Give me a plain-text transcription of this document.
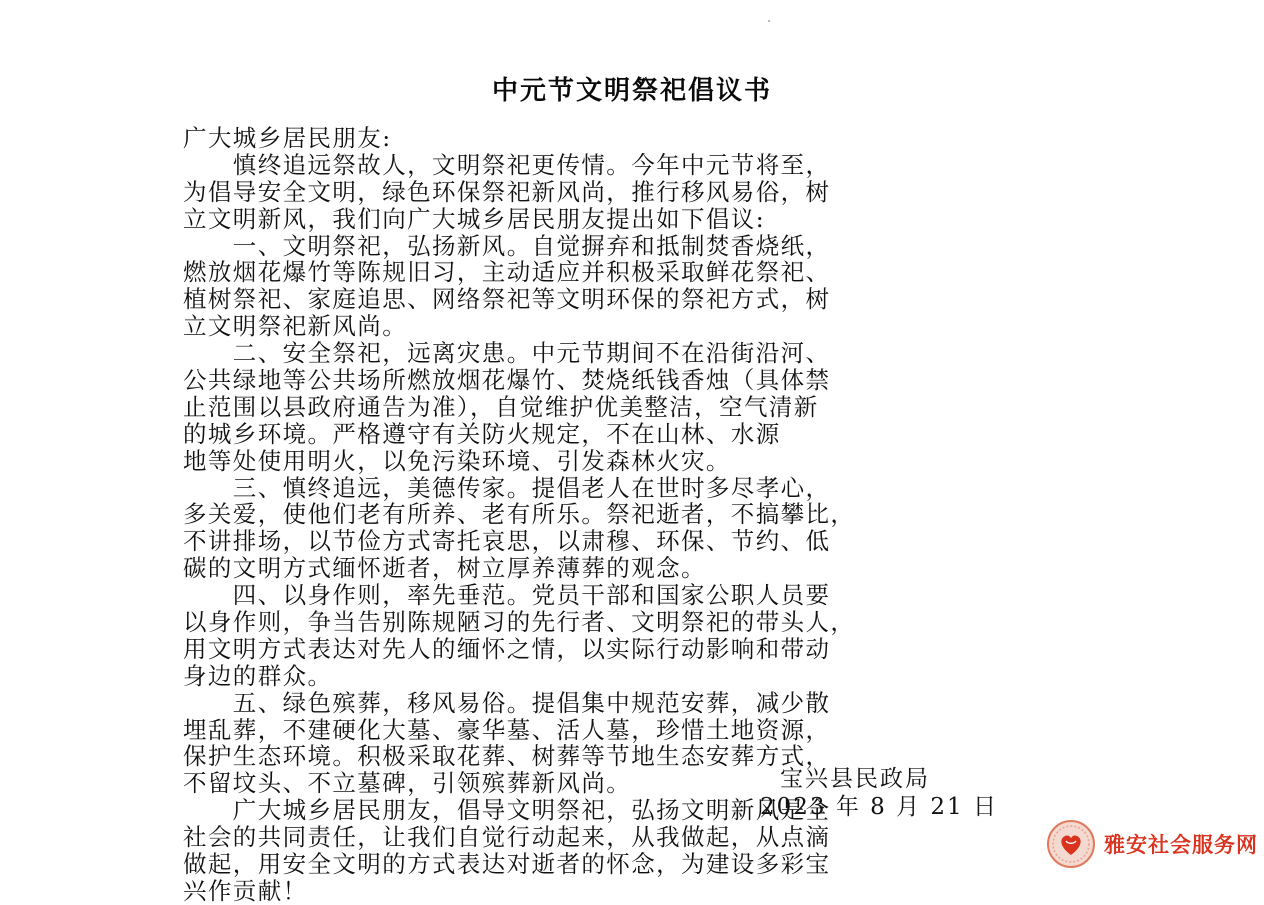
中元节文明祭祀倡议书
广大城乡居民朋友:
　　慎终追远祭故人，文明祭祀更传情。今年中元节将至，
为倡导安全文明，绿色环保祭祀新风尚，推行移风易俗，树
立文明新风，我们向广大城乡居民朋友提出如下倡议:
　　一、文明祭祀，弘扬新风。自觉摒弃和抵制焚香烧纸，
燃放烟花爆竹等陈规旧习，主动适应并积极采取鲜花祭祀、
植树祭祀、家庭追思、网络祭祀等文明环保的祭祀方式，树
立文明祭祀新风尚。
　　二、安全祭祀，远离灾患。中元节期间不在沿街沿河、
公共绿地等公共场所燃放烟花爆竹、焚烧纸钱香烛（具体禁
止范围以县政府通告为准），自觉维护优美整洁，空气清新
的城乡环境。严格遵守有关防火规定，不在山林、水源
地等处使用明火，以免污染环境、引发森林火灾。
　　三、慎终追远，美德传家。提倡老人在世时多尽孝心，
多关爱，使他们老有所养、老有所乐。祭祀逝者，不搞攀比，
不讲排场，以节俭方式寄托哀思，以肃穆、环保、节约、低
碳的文明方式缅怀逝者，树立厚养薄葬的观念。
　　四、以身作则，率先垂范。党员干部和国家公职人员要
以身作则，争当告别陈规陋习的先行者、文明祭祀的带头人，
用文明方式表达对先人的缅怀之情，以实际行动影响和带动
身边的群众。
　　五、绿色殡葬，移风易俗。提倡集中规范安葬，减少散
埋乱葬，不建硬化大墓、豪华墓、活人墓，珍惜土地资源，
保护生态环境。积极采取花葬、树葬等节地生态安葬方式，
不留坟头、不立墓碑，引领殡葬新风尚。
　　广大城乡居民朋友，倡导文明祭祀，弘扬文明新风是全
社会的共同责任，让我们自觉行动起来，从我做起，从点滴
做起，用安全文明的方式表达对逝者的怀念，为建设多彩宝
兴作贡献！
宝兴县民政局
2023 年 8 月 21 日
雅安社会服务网
